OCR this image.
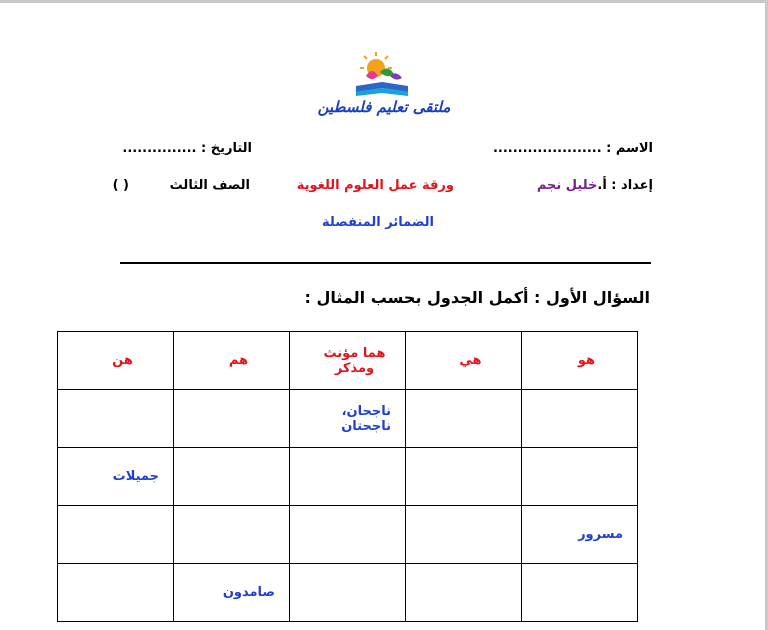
ملتقى تعليم فلسطين
الاسم : ......................
التاريخ : ...............
إعداد : أ.خليل نجم
ورقة عمل العلوم اللغوية
الصف الثالث
( )
الضمائر المنفصلة
السؤال الأول : أكمل الجدول بحسب المثال :
هو	هي	هما مؤنث ومذكر	هم	هن
		ناجحان، ناجحتان		
				جميلات
مسرور				
			صامدون	
